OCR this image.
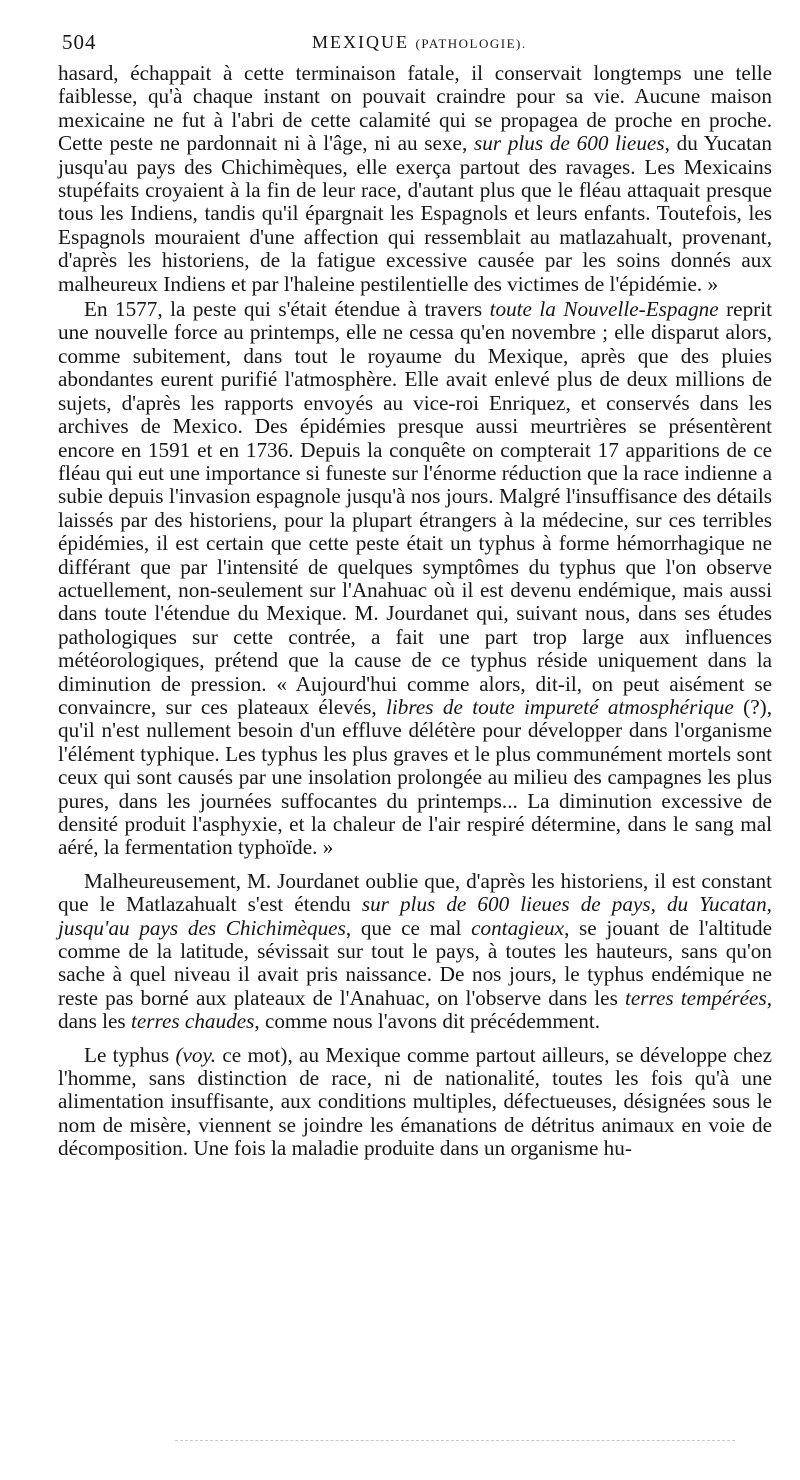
504	MEXIQUE (PATHOLOGIE).

hasard, échappait à cette terminaison fatale, il conservait longtemps une telle faiblesse, qu'à chaque instant on pouvait craindre pour sa vie. Aucune maison mexicaine ne fut à l'abri de cette calamité qui se propagea de proche en proche. Cette peste ne pardonnait ni à l'âge, ni au sexe, sur plus de 600 lieues, du Yucatan jusqu'au pays des Chichimèques, elle exerça partout des ravages. Les Mexicains stupéfaits croyaient à la fin de leur race, d'autant plus que le fléau attaquait presque tous les Indiens, tandis qu'il épargnait les Espagnols et leurs enfants. Toutefois, les Espagnols mouraient d'une affection qui ressemblait au matlazahualt, provenant, d'après les historiens, de la fatigue excessive causée par les soins donnés aux malheureux Indiens et par l'haleine pestilentielle des victimes de l'épidémie. »

En 1577, la peste qui s'était étendue à travers toute la Nouvelle-Espagne reprit une nouvelle force au printemps, elle ne cessa qu'en novembre ; elle disparut alors, comme subitement, dans tout le royaume du Mexique, après que des pluies abondantes eurent purifié l'atmosphère. Elle avait enlevé plus de deux millions de sujets, d'après les rapports envoyés au vice-roi Enriquez, et conservés dans les archives de Mexico. Des épidémies presque aussi meurtrières se présentèrent encore en 1591 et en 1736. Depuis la conquête on compterait 17 apparitions de ce fléau qui eut une importance si funeste sur l'énorme réduction que la race indienne a subie depuis l'invasion espagnole jusqu'à nos jours. Malgré l'insuffisance des détails laissés par des historiens, pour la plupart étrangers à la médecine, sur ces terribles épidémies, il est certain que cette peste était un typhus à forme hémorrhagique ne différant que par l'intensité de quelques symptômes du typhus que l'on observe actuellement, non-seulement sur l'Anahuac où il est devenu endémique, mais aussi dans toute l'étendue du Mexique. M. Jourdanet qui, suivant nous, dans ses études pathologiques sur cette contrée, a fait une part trop large aux influences météorologiques, prétend que la cause de ce typhus réside uniquement dans la diminution de pression. « Aujourd'hui comme alors, dit-il, on peut aisément se convaincre, sur ces plateaux élevés, libres de toute impureté atmosphérique (?), qu'il n'est nullement besoin d'un effluve délétère pour développer dans l'organisme l'élément typhique. Les typhus les plus graves et le plus communément mortels sont ceux qui sont causés par une insolation prolongée au milieu des campagnes les plus pures, dans les journées suffocantes du printemps... La diminution excessive de densité produit l'asphyxie, et la chaleur de l'air respiré détermine, dans le sang mal aéré, la fermentation typhoïde. »

Malheureusement, M. Jourdanet oublie que, d'après les historiens, il est constant que le Matlazahualt s'est étendu sur plus de 600 lieues de pays, du Yucatan, jusqu'au pays des Chichimèques, que ce mal contagieux, se jouant de l'altitude comme de la latitude, sévissait sur tout le pays, à toutes les hauteurs, sans qu'on sache à quel niveau il avait pris naissance. De nos jours, le typhus endémique ne reste pas borné aux plateaux de l'Anahuac, on l'observe dans les terres tempérées, dans les terres chaudes, comme nous l'avons dit précédemment.

Le typhus (voy. ce mot), au Mexique comme partout ailleurs, se développe chez l'homme, sans distinction de race, ni de nationalité, toutes les fois qu'à une alimentation insuffisante, aux conditions multiples, défectueuses, désignées sous le nom de misère, viennent se joindre les émanations de détritus animaux en voie de décomposition. Une fois la maladie produite dans un organisme hu-
